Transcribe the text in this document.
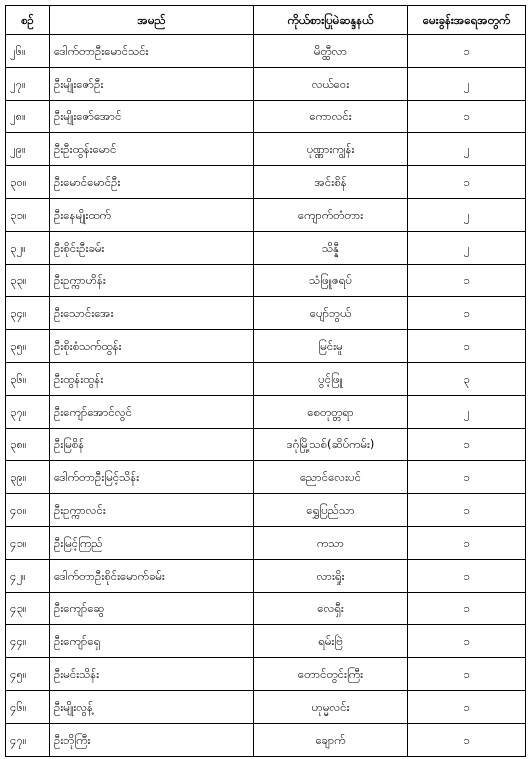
စဉ်	အမည်	ကိုယ်စားပြုမဲဆန္ဒနယ်	မေးခွန်းအရေအတွက်
၂၆။	ဒေါက်တာဦးမောင်သင်း	မိတ္ထီလာ	၁
၂၇။	ဦးမျိုးဇော်ဦး	လယ်ဝေး	၂
၂၈။	ဦးမျိုးဇော်အောင်	ကောလင်း	၁
၂၉။	ဦးဦးထွန်းမောင်	ပုဏ္ဏားကျွန်း	၂
၃၀။	ဦးမောင်မောင်ဦး	အင်းစိန်	၁
၃၁။	ဦးနေမျိုးထက်	ကျောက်တံတား	၂
၃၂။	ဦးစိုင်းဦးခမ်း	သိန္နီ	၂
၃၃။	ဦးဥက္ကာဟိန်း	သံဖြူဇရပ်	၁
၃၄။	ဦးသောင်းအေး	ပျော်ဘွယ်	၁
၃၅။	ဦးစိုးစံသက်ထွန်း	မြင်းမူ	၁
၃၆။	ဦးထွန်းထွန်း	ပွင့်ဖြူ	၃
၃၇။	ဦးကျော်အောင်လွင်	စေတုတ္တရာ	၂
၃၈။	ဦးမြစိန်	ဒဂုံမြို့သစ်(ဆိပ်ကမ်း)	၁
၃၉။	ဒေါက်တာဦးမြင့်သိန်း	ညောင်လေးပင်	၁
၄၀။	ဦးဥက္ကာလင်း	ရွှေပြည်သာ	၁
၄၁။	ဦးမြင့်ကြည်	ကသာ	၁
၄၂။	ဒေါက်တာဦးစိုင်းမောက်ခမ်း	လားရှိုး	၁
၄၃။	ဦးကျော်ဆွေ	လေရှီး	၁
၄၄။	ဦးကျော်ရှေ	ရမ်းဗြဲ	၁
၄၅။	ဦးမင်းသိန်း	တောင်တွင်းကြီး	၁
၄၆။	ဦးမျိုးလွန့်	ဟုမ္မလင်း	၁
၄၇။	ဦးဘိုကြီး	ချောက်	၁
